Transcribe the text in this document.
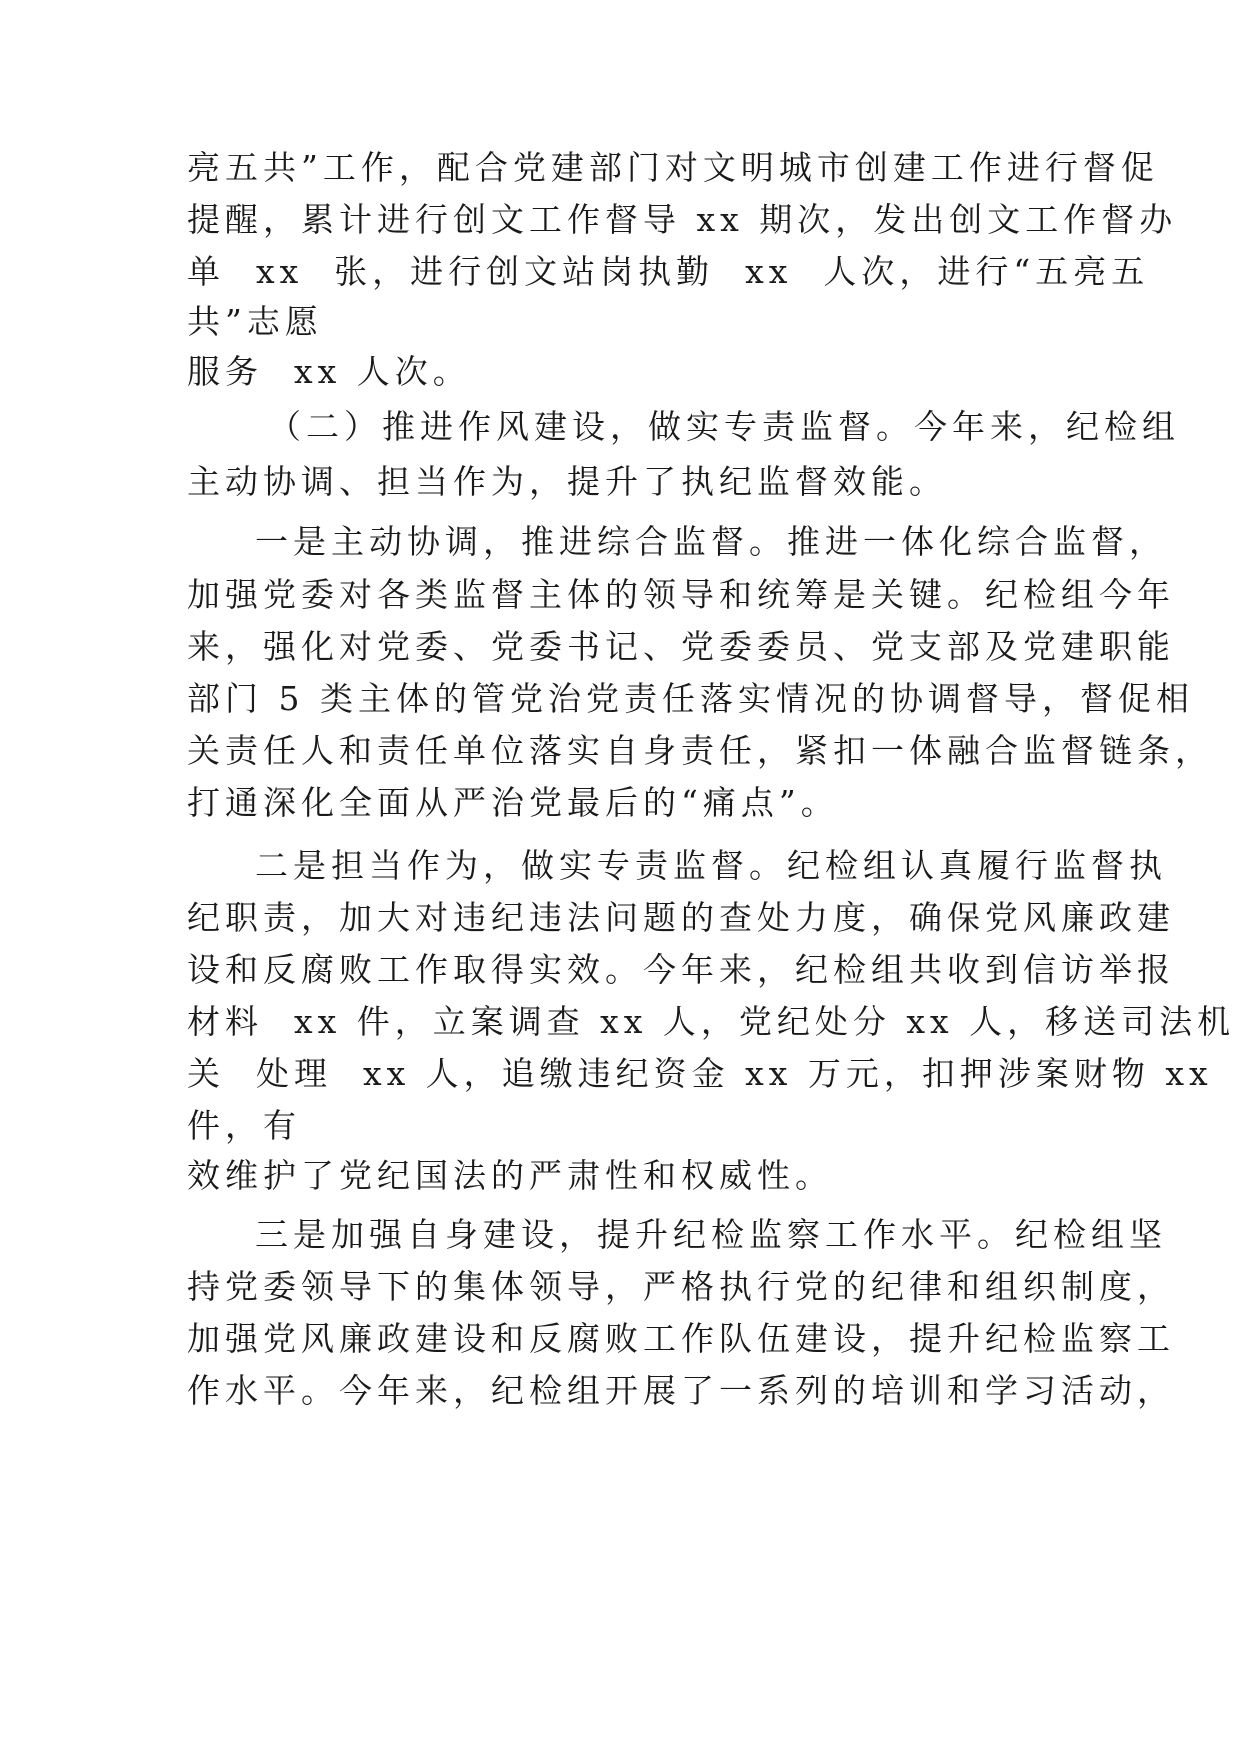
亮五共”工作，配合党建部门对文明城市创建工作进行督促
提醒，累计进行创文工作督导 xx 期次，发出创文工作督办
单  xx  张，进行创文站岗执勤  xx  人次，进行“五亮五
共”志愿
服务  xx 人次。
（二）推进作风建设，做实专责监督。今年来，纪检组
主动协调、担当作为，提升了执纪监督效能。
一是主动协调，推进综合监督。推进一体化综合监督，
加强党委对各类监督主体的领导和统筹是关键。纪检组今年
来，强化对党委、党委书记、党委委员、党支部及党建职能
部门 5 类主体的管党治党责任落实情况的协调督导，督促相
关责任人和责任单位落实自身责任，紧扣一体融合监督链条，
打通深化全面从严治党最后的“痛点”。
二是担当作为，做实专责监督。纪检组认真履行监督执
纪职责，加大对违纪违法问题的查处力度，确保党风廉政建
设和反腐败工作取得实效。今年来，纪检组共收到信访举报
材料  xx 件，立案调查 xx 人，党纪处分 xx 人，移送司法机
关  处理  xx 人，追缴违纪资金 xx 万元，扣押涉案财物 xx
件，有
效维护了党纪国法的严肃性和权威性。
三是加强自身建设，提升纪检监察工作水平。纪检组坚
持党委领导下的集体领导，严格执行党的纪律和组织制度，
加强党风廉政建设和反腐败工作队伍建设，提升纪检监察工
作水平。今年来，纪检组开展了一系列的培训和学习活动，
